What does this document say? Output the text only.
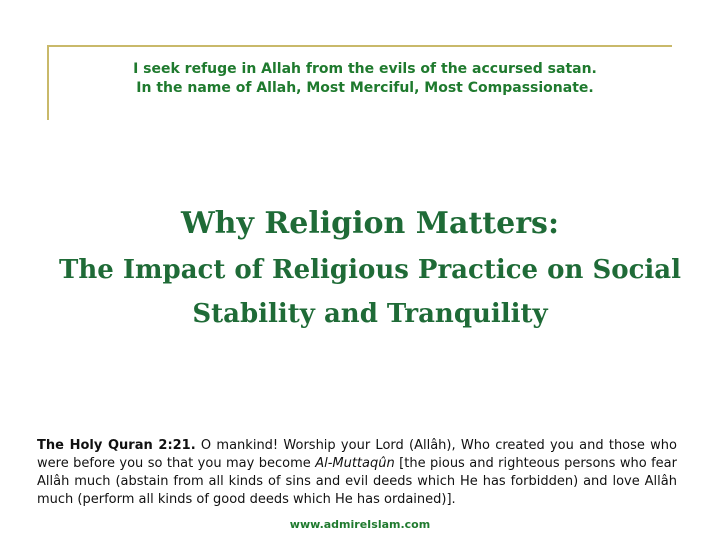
I seek refuge in Allah from the evils of the accursed satan.
In the name of Allah, Most Merciful, Most Compassionate.
Why Religion Matters:
The Impact of Religious Practice on Social
Stability and Tranquility
The Holy Quran 2:21. O mankind! Worship your Lord (Allâh), Who created you and those who were before you so that you may become Al-Muttaqûn [the pious and righteous persons who fear Allâh much (abstain from all kinds of sins and evil deeds which He has forbidden) and love Allâh much (perform all kinds of good deeds which He has ordained)].
www.admireIslam.com
